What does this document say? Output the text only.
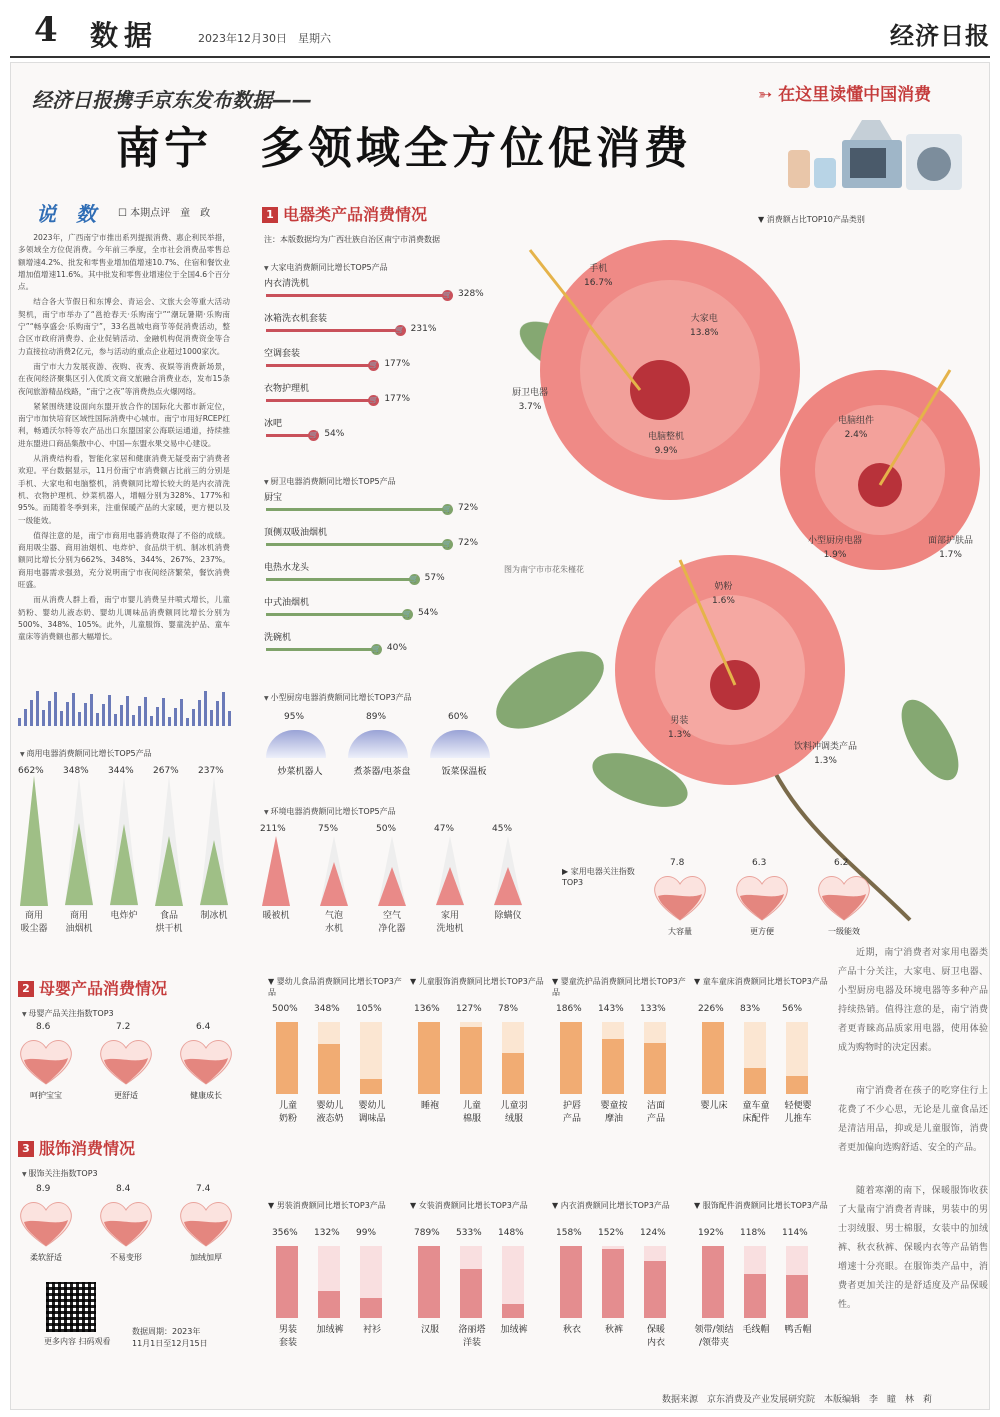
4 数据	2023年12月30日　星期六	经济日报
经济日报携手京东发布数据——
南宁　多领域全方位促消费
➳ 在这里读懂中国消费
说　数 ☐ 本期点评　童　政

2023年，广西南宁市推出系列提振消费、惠企利民举措，多领域全方位促消费。今年前三季度，全市社会消费品零售总额增速4.2%、批发和零售业增加值增速10.7%、住宿和餐饮业增加值增速11.6%。其中批发和零售业增速位于全国4.6个百分点。

结合各大节假日和东博会、青运会、文旅大会等重大活动契机，南宁市举办了“邕抢春天·乐购南宁”“潮玩暑期·乐购南宁”“畅享盛会·乐购南宁”，33名邕城电商节等促消费活动，整合区市政府消费券、企业促销活动、金融机构促消费资金等合力直接拉动消费2亿元，参与活动的重点企业超过1000家次。

南宁市大力发展夜游、夜购、夜秀、夜娱等消费新场景，在夜间经济聚集区引入优质文商文旅融合消费业态，发布15条夜间旅游精品线路，“南宁之夜”等消费热点火爆网络。

紧紧围绕建设面向东盟开放合作的国际化大都市新定位，南宁市加快培育区域性国际消费中心城市。南宁市用好RCEP红利，畅通沃尔特等农产品出口东盟国家公海联运通道，持续推进东盟进口商品集散中心、中国—东盟水果交易中心建设。

从消费结构看，智能化家居和健康消费无疑受南宁消费者欢迎。平台数据显示，11月份南宁市消费额占比前三的分别是手机、大家电和电脑整机，消费额同比增长较大的是内衣清洗机、衣物护理机、炒菜机器人，增幅分别为328%、177%和95%。而随着冬季到来，注重保暖产品的大家暖，更方便以及一级能效。

值得注意的是，南宁市商用电器消费取得了不俗的成绩。商用吸尘器、商用油烟机、电炸炉、食品烘干机、制冰机消费额同比增长分别为662%、348%、344%、267%、237%。商用电器需求强劲，充分说明南宁市夜间经济繁荣，餐饮消费旺盛。

而从消费人群上看，南宁市婴儿消费呈井喷式增长，儿童奶粉、婴幼儿液态奶、婴幼儿调味品消费额同比增长分别为500%、348%、105%。此外，儿童服饰、婴童洗护品、童车童床等消费额也都大幅增长。

1 电器类产品消费情况
注：本版数据均为广西壮族自治区南宁市消费数据
▼ 大家电消费额同比增长TOP5产品
内衣清洗机
🛒 328%
冰箱洗衣机套装
🛒 231%
空调套装
🛒 177%
衣物护理机
🛒 177%
冰吧
🛒 54%
▼ 厨卫电器消费额同比增长TOP5产品
厨宝
🛒 72%
顶侧双吸油烟机
🛒 72%
电热水龙头
🛒 57%
中式油烟机
🛒 54%
洗碗机
🛒 40%
▼ 小型厨房电器消费额同比增长TOP3产品
95%
炒菜机器人
89%
煮茶器/电茶盘
60%
饭菜保温板
▼ 商用电器消费额同比增长TOP5产品
662%
商用
吸尘器
348%
商用
油烟机
344%
电炸炉
267%
食品
烘干机
237%
制冰机
▼ 环境电器消费额同比增长TOP5产品
211%
暖被机
75%
气泡
水机
50%
空气
净化器
47%
家用
洗地机
45%
除螨仪
▼ 消费额占比TOP10产品类别
图为南宁市市花朱槿花
▶ 家用电器关注指数TOP3
2 母婴产品消费情况
▼ 母婴产品关注指数TOP3
3 服饰消费情况
▼ 服饰关注指数TOP3

近期，南宁消费者对家用电器类产品十分关注，大家电、厨卫电器、小型厨房电器及环境电器等多种产品持续热销。值得注意的是，南宁消费者更青睐高品质家用电器，使用体验成为购物时的决定因素。

南宁消费者在孩子的吃穿住行上花费了不少心思，无论是儿童食品还是清洁用品，抑或是儿童服饰，消费者更加偏向选购舒适、安全的产品。

随着寒潮的南下，保暖服饰收获了大量南宁消费者青睐，男装中的男士羽绒服、男士棉服，女装中的加绒裤、秋衣秋裤、保暖内衣等产品销售增速十分亮眼。在服饰类产品中，消费者更加关注的是舒适度及产品保暖性。

更多内容 扫码观看
数据周期：2023年
11月1日至12月15日
数据来源　京东消费及产业发展研究院　本版编辑　李　瞳　林　莉
手机
16.7%
大家电
13.8%
厨卫电器
3.7%
电脑整机
9.9%
电脑组件
2.4%
小型厨房电器
1.9%
面部护肤品
1.7%
奶粉
1.6%
男装
1.3%
饮料冲调类产品
1.3%
7.8
大容量
6.3
更方便
6.2
一级能效
8.6
呵护宝宝
7.2
更舒适
6.4
健康成长
8.9
柔软舒适
8.4
不易变形
7.4
加绒加厚
▼ 婴幼儿食品消费额同比增长TOP3产品
500%
儿童
奶粉
348%
婴幼儿
液态奶
105%
婴幼儿
调味品
▼ 儿童服饰消费额同比增长TOP3产品
136%
睡袍
127%
儿童
棉服
78%
儿童羽
绒服
▼ 婴童洗护品消费额同比增长TOP3产品
186%
护唇
产品
143%
婴童按
摩油
133%
洁面
产品
▼ 童车童床消费额同比增长TOP3产品
226%
婴儿床
83%
童车童
床配件
56%
轻便婴
儿推车
▼ 男装消费额同比增长TOP3产品
356%
男装
套装
132%
加绒裤
99%
衬衫
▼ 女装消费额同比增长TOP3产品
789%
汉服
533%
洛丽塔
洋装
148%
加绒裤
▼ 内衣消费额同比增长TOP3产品
158%
秋衣
152%
秋裤
124%
保暖
内衣
▼ 服饰配件消费额同比增长TOP3产品
192%
领带/领结
/领带夹
118%
毛线帽
114%
鸭舌帽
